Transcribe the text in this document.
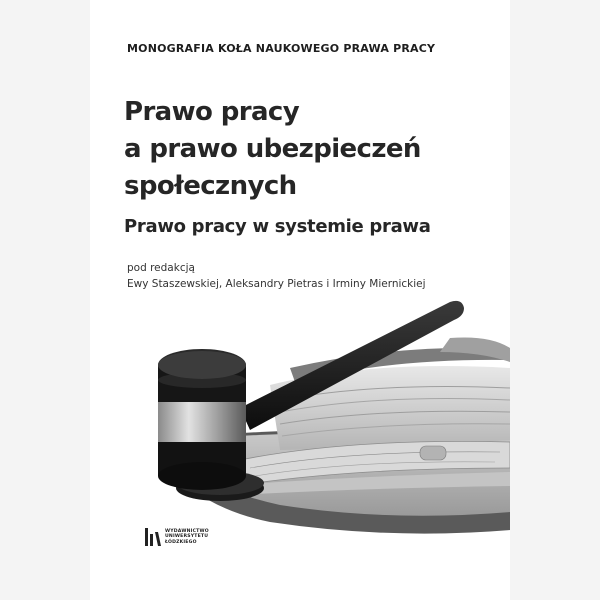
MONOGRAFIA KOŁA NAUKOWEGO PRAWA PRACY
Prawo pracy
a prawo ubezpieczeń
społecznych
Prawo pracy w systemie prawa
pod redakcją
Ewy Staszewskiej, Aleksandry Pietras i Irminy Miernickiej
WYDAWNICTWO
UNIWERSYTETU
ŁÓDZKIEGO
